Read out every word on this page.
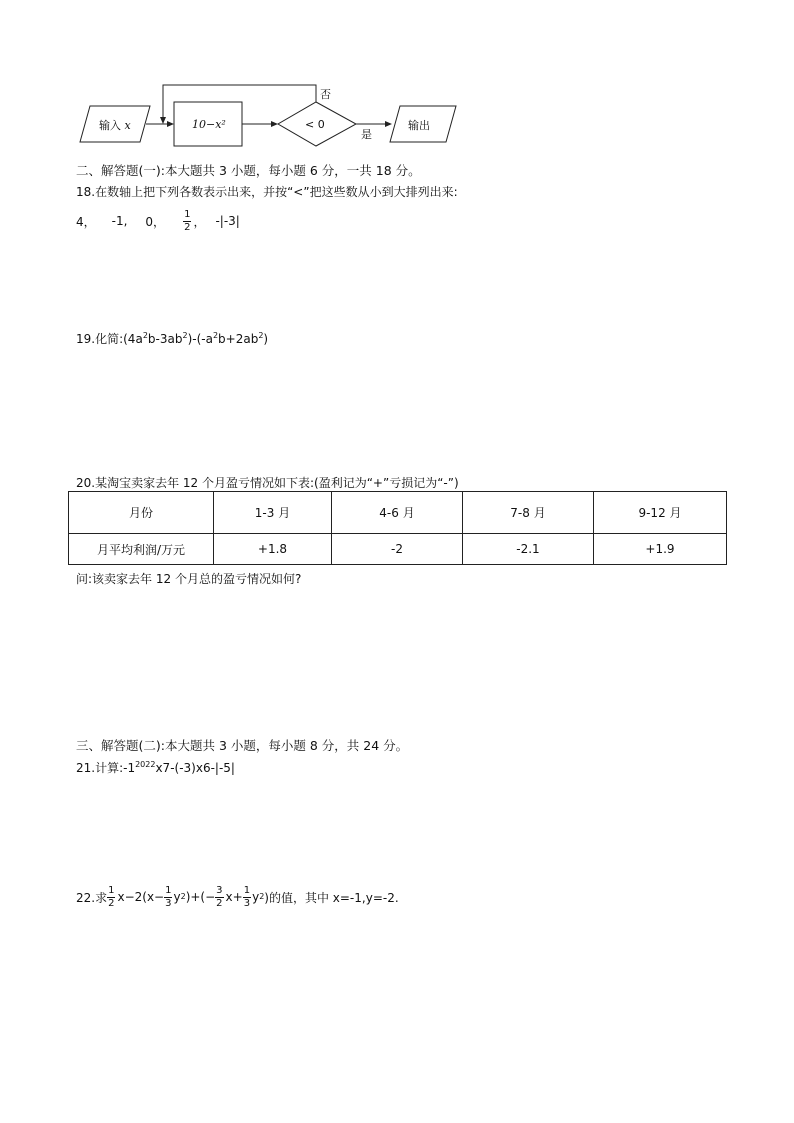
输入 x	10−x²	< 0
否
是
输出
二、解答题(一):本大题共 3 小题，每小题 6 分，一共 18 分。
18.在数轴上把下列各数表示出来，并按“<”把这些数从小到大排列出来:
4， -1, 0， $\frac{1}{2}$ ， -|-3|
19.化简$:(4a^2b-3ab^2)-(-a^2b+2ab^2)$
20.某淘宝卖家去年 12 个月盈亏情况如下表:(盈利记为“+”亏损记为“-”)
月份	1-3 月	4-6 月	7-8 月	9-12 月
月平均利润/万元	+1.8	-2	-2.1	+1.9
问:该卖家去年 12 个月总的盈亏情况如何?
三、解答题(二):本大题共 3 小题，每小题 8 分，共 24 分。
21.计算$:-1^{2022}x7-(-3)x6-|-5|$
22.求 $\frac{1}{2} x-2(x- \frac{1}{3}$ y 2 )+(− $\frac{3}{2} x+ \frac{1}{3}$ y 2 )的值，其中 x=-1,y=-2.
